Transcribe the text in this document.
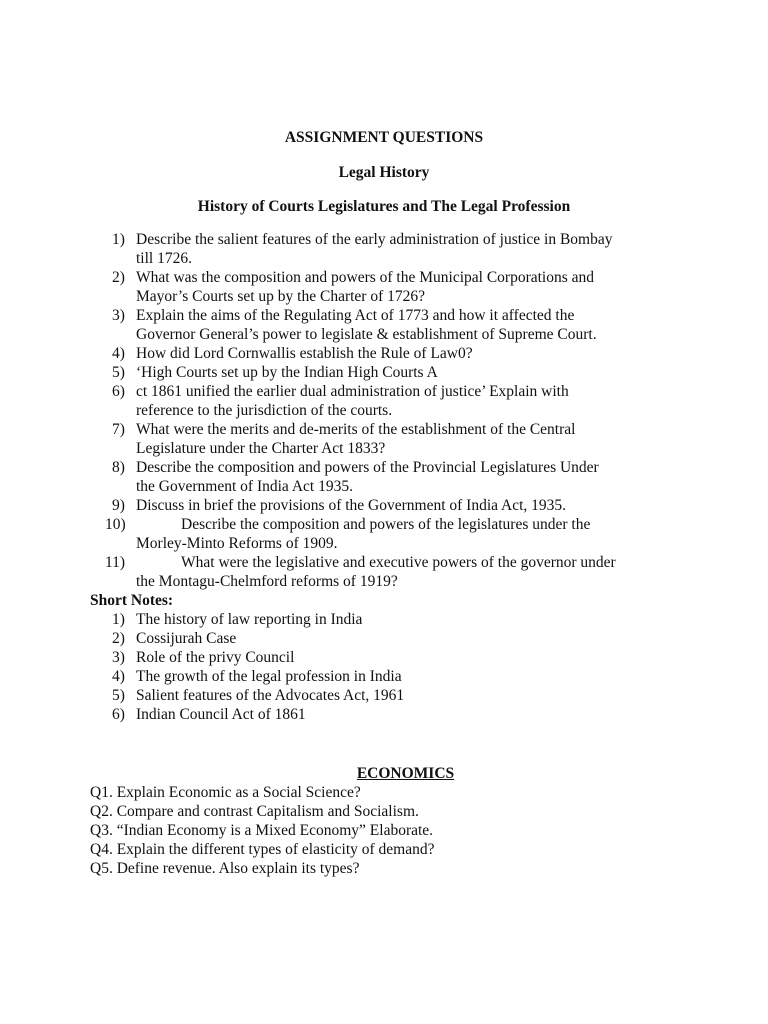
ASSIGNMENT QUESTIONS
Legal History
History of Courts Legislatures and The Legal Profession
1) Describe the salient features of the early administration of justice in Bombay
till 1726.
2) What was the composition and powers of the Municipal Corporations and
Mayor’s Courts set up by the Charter of 1726?
3) Explain the aims of the Regulating Act of 1773 and how it affected the
Governor General’s power to legislate & establishment of Supreme Court.
4) How did Lord Cornwallis establish the Rule of Law0?
5) ‘High Courts set up by the Indian High Courts A
6) ct 1861 unified the earlier dual administration of justice’ Explain with
reference to the jurisdiction of the courts.
7) What were the merits and de-merits of the establishment of the Central
Legislature under the Charter Act 1833?
8) Describe the composition and powers of the Provincial Legislatures Under
the Government of India Act 1935.
9) Discuss in brief the provisions of the Government of India Act, 1935.
10)	Describe the composition and powers of the legislatures under the
Morley-Minto Reforms of 1909.
11)	What were the legislative and executive powers of the governor under
the Montagu-Chelmford reforms of 1919?
Short Notes:
1) The history of law reporting in India
2) Cossijurah Case
3) Role of the privy Council
4) The growth of the legal profession in India
5) Salient features of the Advocates Act, 1961
6) Indian Council Act of 1861
ECONOMICS
Q1. Explain Economic as a Social Science?
Q2. Compare and contrast Capitalism and Socialism.
Q3. “Indian Economy is a Mixed Economy” Elaborate.
Q4. Explain the different types of elasticity of demand?
Q5. Define revenue. Also explain its types?
